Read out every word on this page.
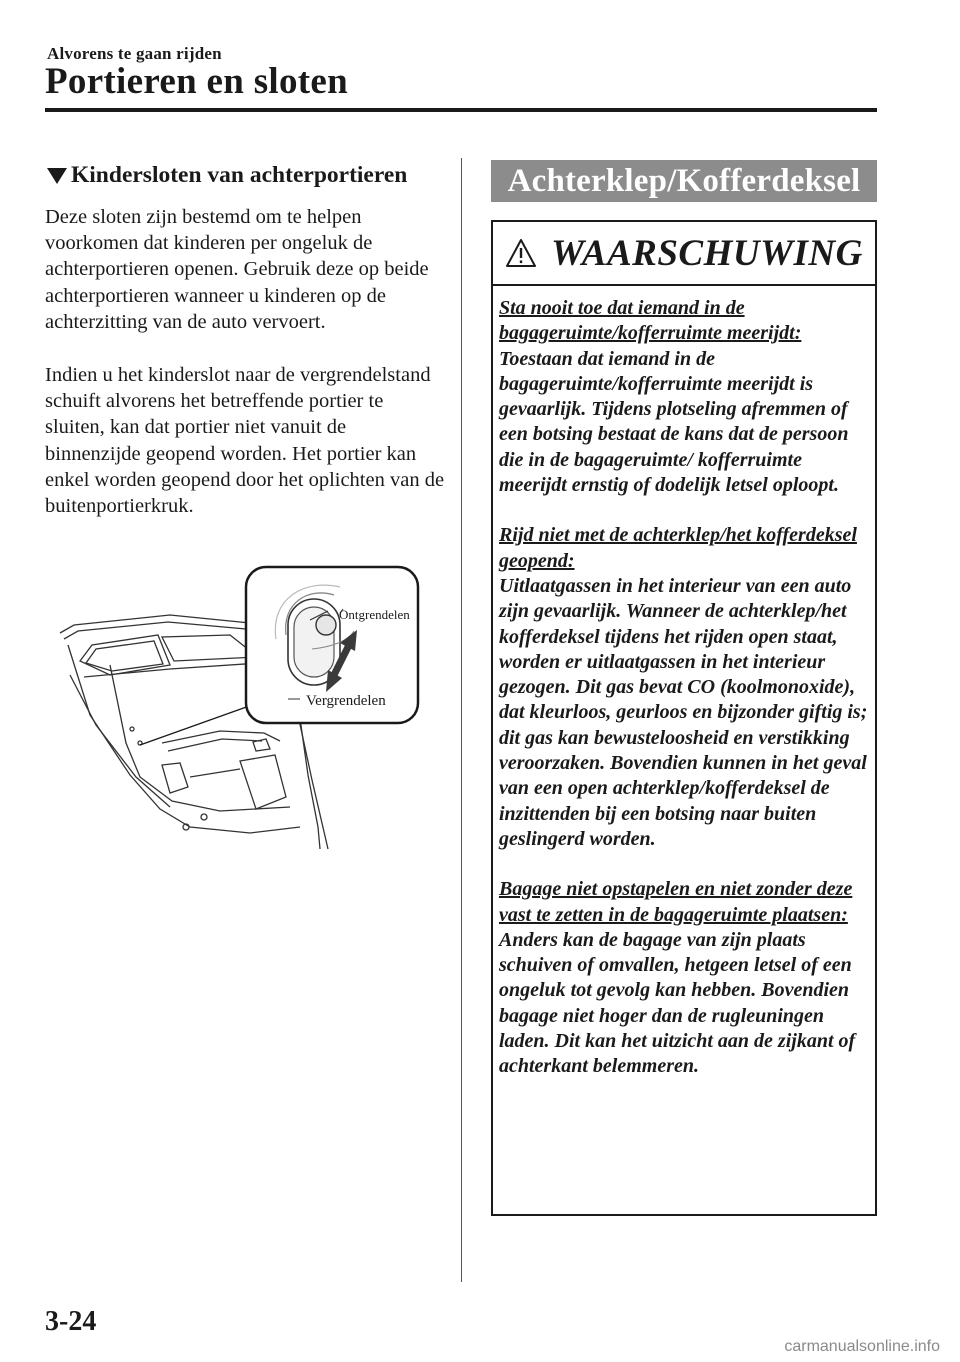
Alvorens te gaan rijden
Portieren en sloten
Kindersloten van achterportieren

Deze sloten zijn bestemd om te helpen voorkomen dat kinderen per ongeluk de achterportieren openen. Gebruik deze op beide achterportieren wanneer u kinderen op de achterzitting van de auto vervoert.

Indien u het kinderslot naar de vergrendelstand schuift alvorens het betreffende portier te sluiten, kan dat portier niet vanuit de binnenzijde geopend worden. Het portier kan enkel worden geopend door het oplichten van de buitenportierkruk.

Ontgrendelen
Vergrendelen
Achterklep/Kofferdeksel
WAARSCHUWING
Sta nooit toe dat iemand in de bagageruimte/kofferruimte meerijdt:
Toestaan dat iemand in de bagageruimte/kofferruimte meerijdt is gevaarlijk. Tijdens plotseling afremmen of een botsing bestaat de kans dat de persoon die in de bagageruimte/ kofferruimte meerijdt ernstig of dodelijk letsel oploopt.
Rijd niet met de achterklep/het kofferdeksel geopend:
Uitlaatgassen in het interieur van een auto zijn gevaarlijk. Wanneer de achterklep/het kofferdeksel tijdens het rijden open staat, worden er uitlaatgassen in het interieur gezogen. Dit gas bevat CO (koolmonoxide), dat kleurloos, geurloos en bijzonder giftig is; dit gas kan bewusteloosheid en verstikking veroorzaken. Bovendien kunnen in het geval van een open achterklep/kofferdeksel de inzittenden bij een botsing naar buiten geslingerd worden.
Bagage niet opstapelen en niet zonder deze vast te zetten in de bagageruimte plaatsen:
Anders kan de bagage van zijn plaats schuiven of omvallen, hetgeen letsel of een ongeluk tot gevolg kan hebben. Bovendien bagage niet hoger dan de rugleuningen laden. Dit kan het uitzicht aan de zijkant of achterkant belemmeren.
3-24
carmanualsonline.info
